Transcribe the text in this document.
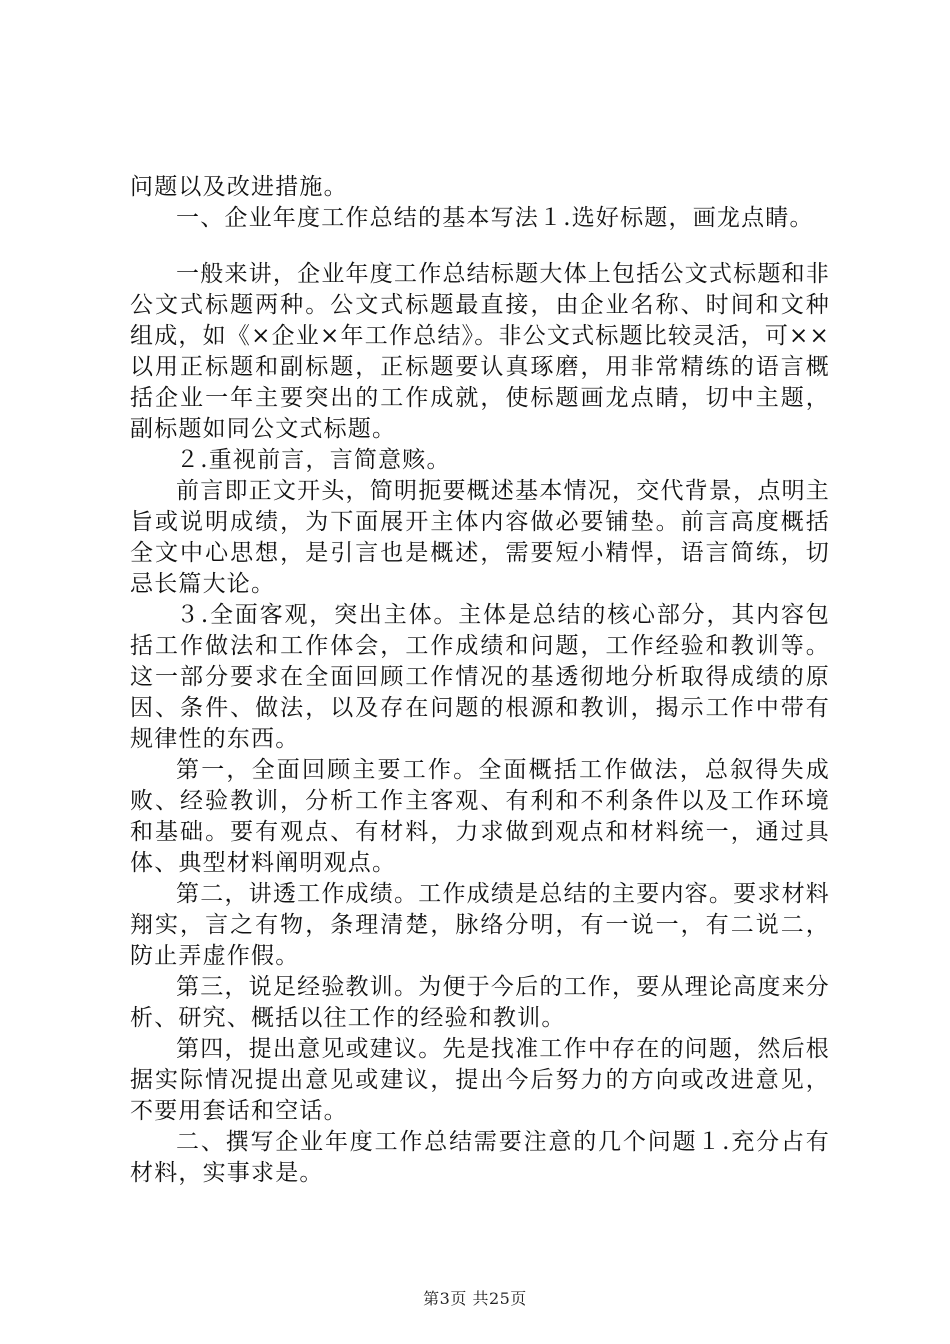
问题以及改进措施。

一、企业年度工作总结的基本写法１.选好标题，画龙点睛。

一般来讲，企业年度工作总结标题大体上包括公文式标题和非公文式标题两种。公文式标题最直接，由企业名称、时间和文种组成，如《×企业×年工作总结》。非公文式标题比较灵活，可××以用正标题和副标题，正标题要认真琢磨，用非常精练的语言概括企业一年主要突出的工作成就，使标题画龙点睛，切中主题，副标题如同公文式标题。

２.重视前言，言简意赅。

前言即正文开头，简明扼要概述基本情况，交代背景，点明主旨或说明成绩，为下面展开主体内容做必要铺垫。前言高度概括全文中心思想，是引言也是概述，需要短小精悍，语言简练，切忌长篇大论。

３.全面客观，突出主体。主体是总结的核心部分，其内容包括工作做法和工作体会，工作成绩和问题，工作经验和教训等。这一部分要求在全面回顾工作情况的基透彻地分析取得成绩的原因、条件、做法，以及存在问题的根源和教训，揭示工作中带有规律性的东西。

第一，全面回顾主要工作。全面概括工作做法，总叙得失成败、经验教训，分析工作主客观、有利和不利条件以及工作环境和基础。要有观点、有材料，力求做到观点和材料统一，通过具体、典型材料阐明观点。

第二，讲透工作成绩。工作成绩是总结的主要内容。要求材料翔实，言之有物，条理清楚，脉络分明，有一说一，有二说二，防止弄虚作假。

第三，说足经验教训。为便于今后的工作，要从理论高度来分析、研究、概括以往工作的经验和教训。

第四，提出意见或建议。先是找准工作中存在的问题，然后根据实际情况提出意见或建议，提出今后努力的方向或改进意见，不要用套话和空话。

二、撰写企业年度工作总结需要注意的几个问题１.充分占有材料，实事求是。

第3页 共25页
